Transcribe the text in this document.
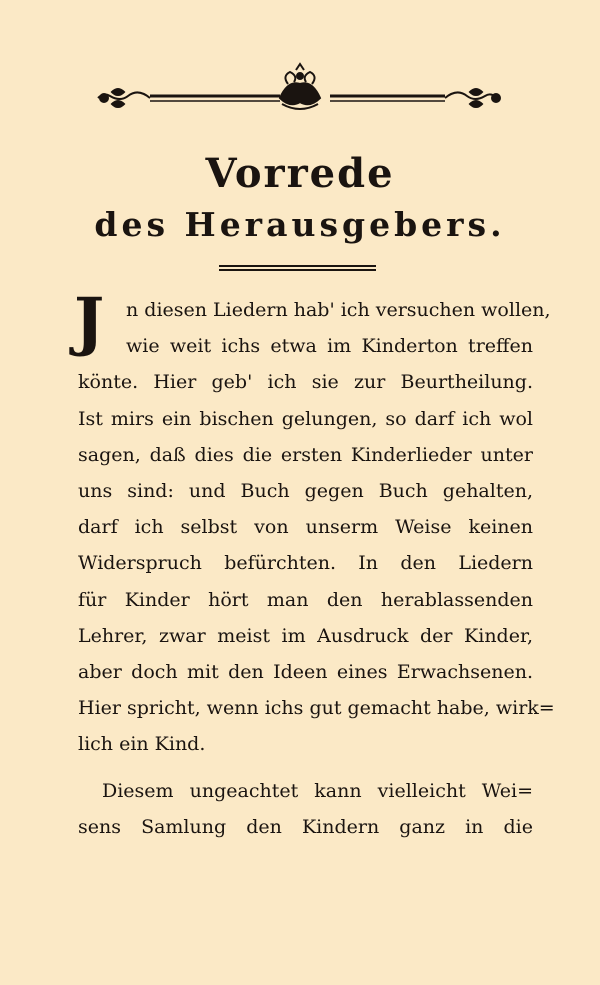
Vorrede
des Herausgebers.
J	n diesen Liedern hab' ich versuchen wollen,
wie weit ichs etwa im Kinderton treffen
könte. Hier geb' ich sie zur Beurtheilung.
Ist mirs ein bischen gelungen, so darf ich wol
sagen, daß dies die ersten Kinderlieder unter
uns sind: und Buch gegen Buch gehalten,
darf ich selbst von unserm Weise keinen
Widerspruch befürchten. In den Liedern
für Kinder hört man den herablassenden
Lehrer, zwar meist im Ausdruck der Kinder,
aber doch mit den Ideen eines Erwachsenen.
Hier spricht, wenn ichs gut gemacht habe, wirk=
lich ein Kind.
Diesem ungeachtet kann vielleicht Wei=
sens Samlung den Kindern ganz in die
